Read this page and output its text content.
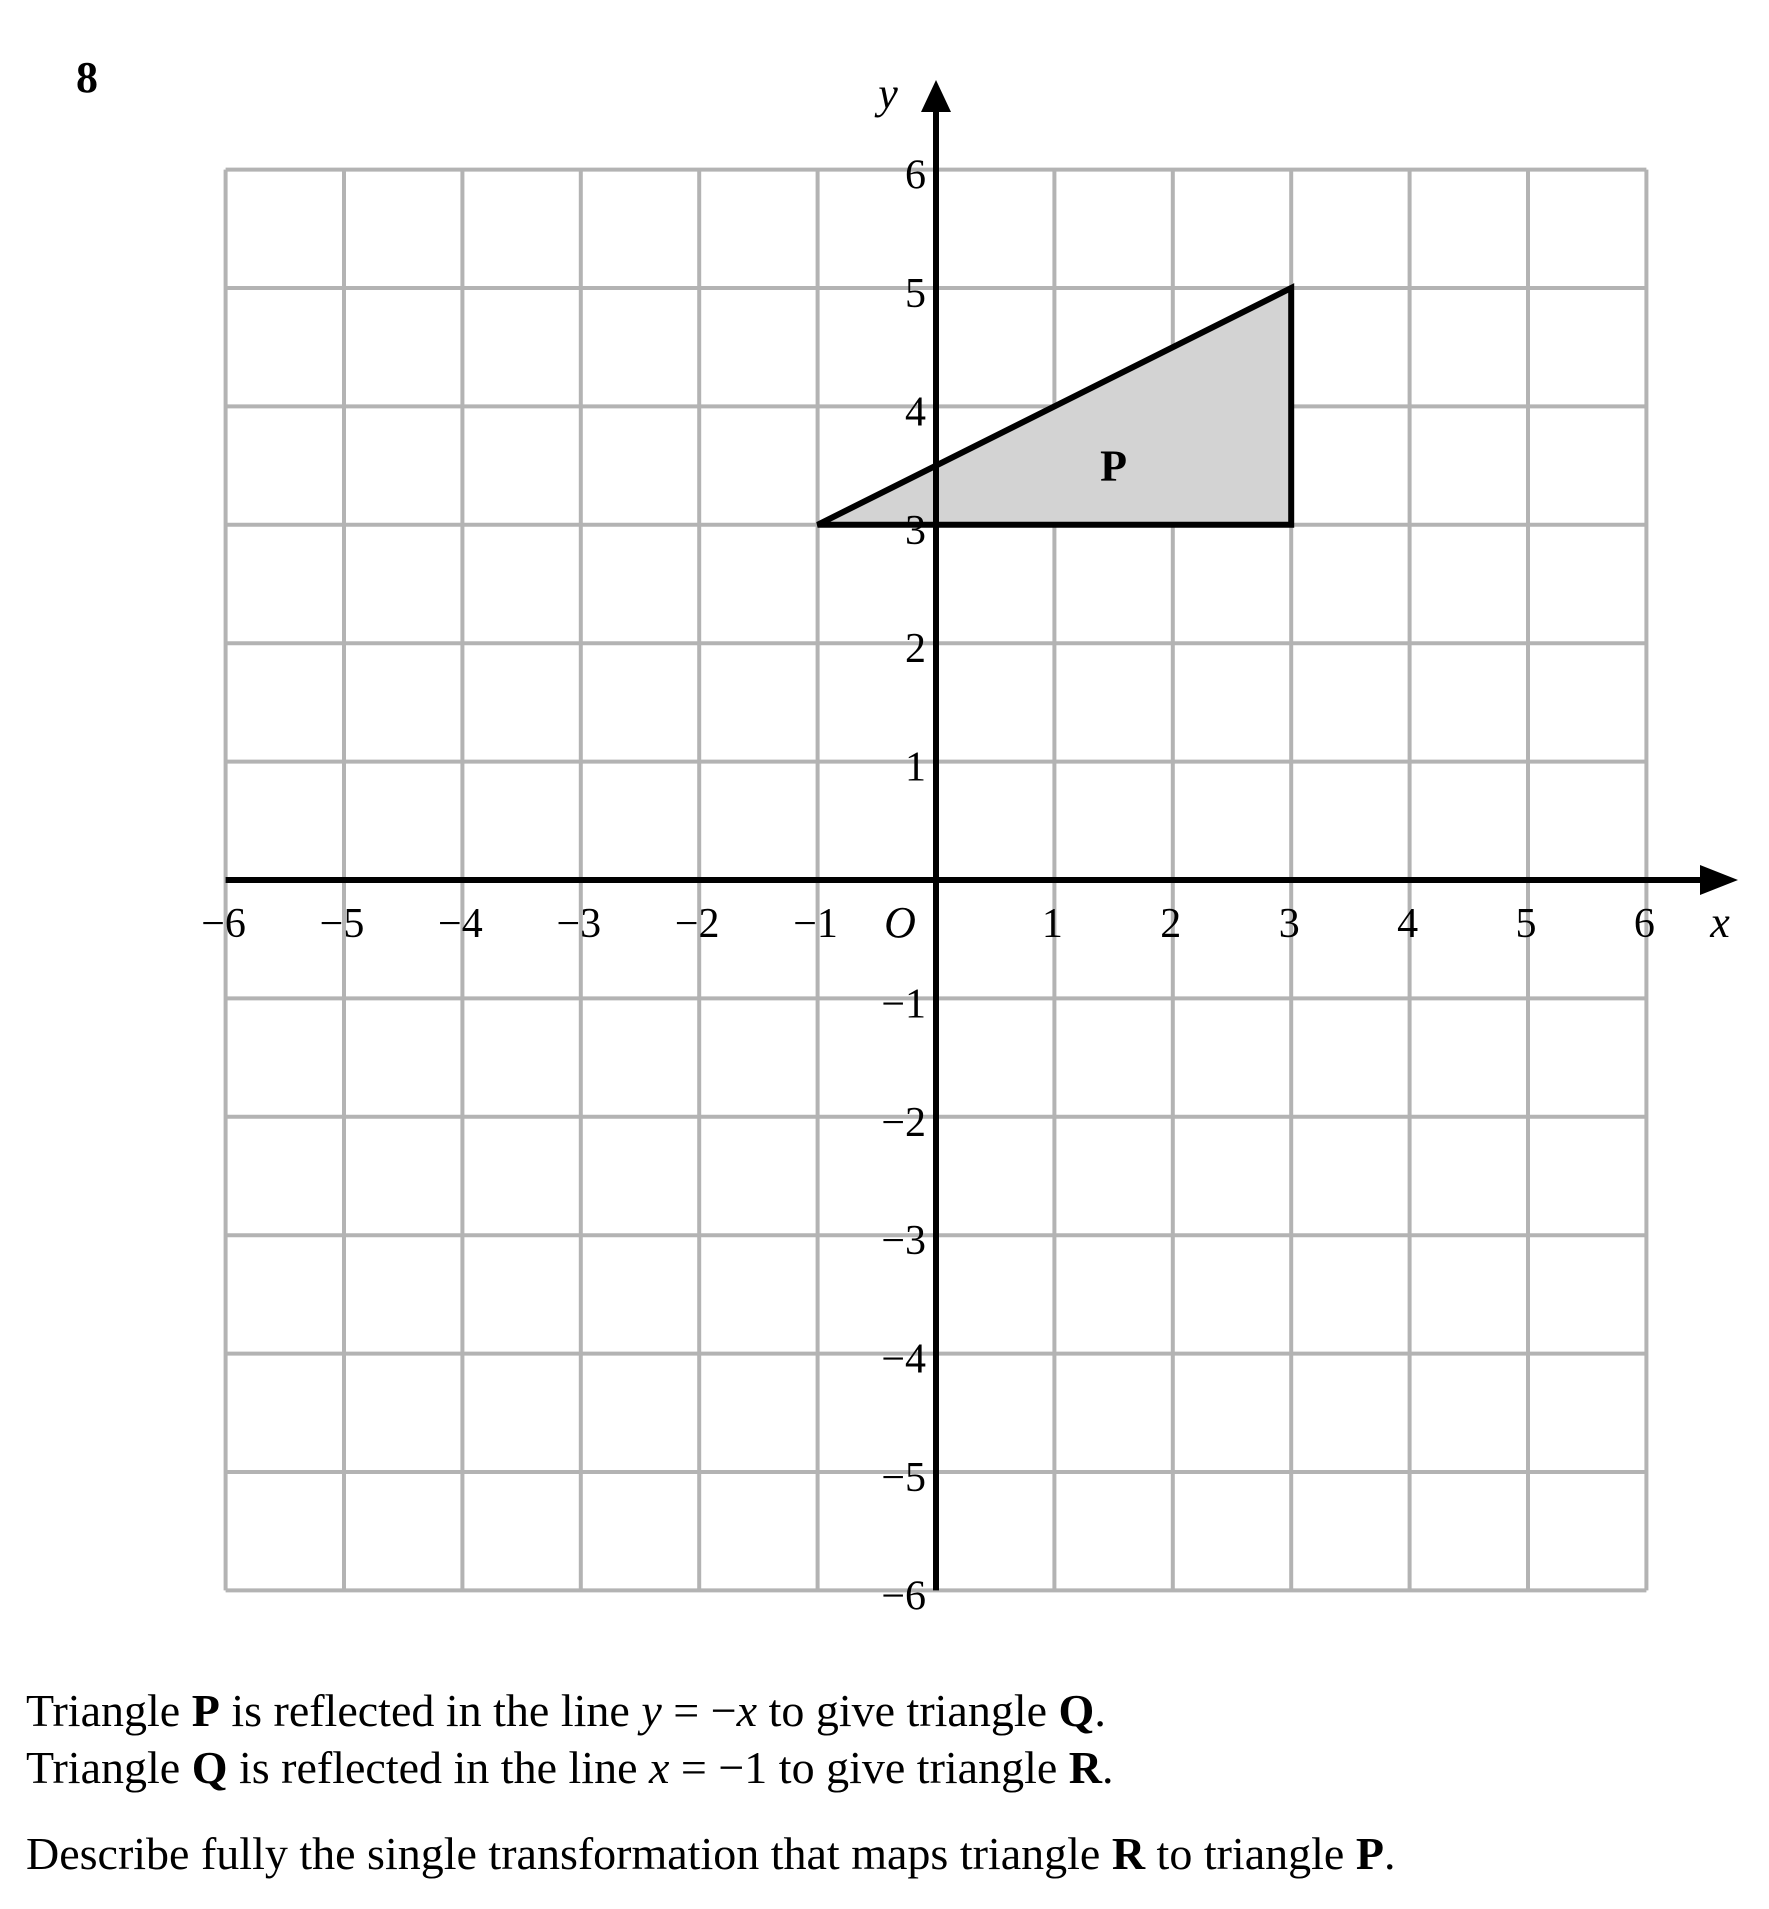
8
−6 −5 −4 −3 −2 −1	1 2 3 4 5 6
6
5
4
3
2
1
−1
−2
−3
−4
−5
−6
O	x
y
P
Triangle P is reflected in the line y = −x to give triangle Q.
Triangle Q is reflected in the line x = −1 to give triangle R.
Describe fully the single transformation that maps triangle R to triangle P.
